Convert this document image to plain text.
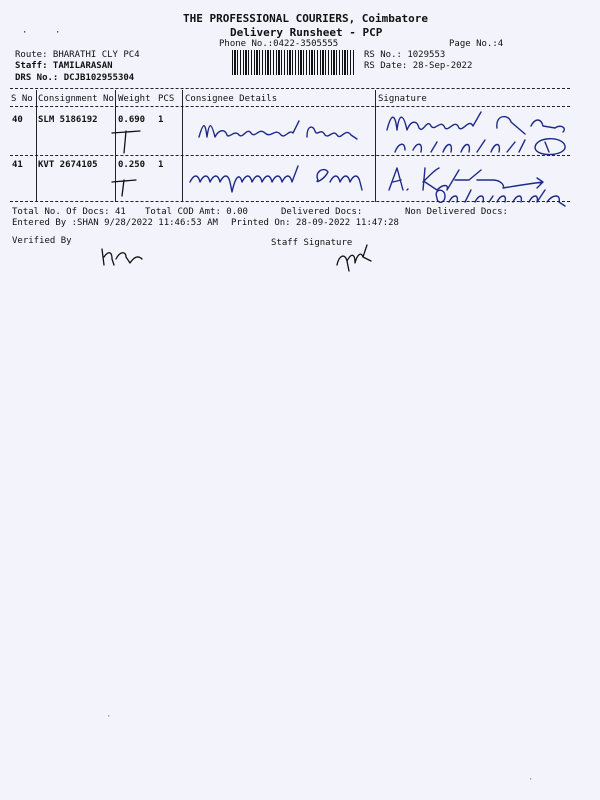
THE PROFESSIONAL COURIERS, Coimbatore
Delivery Runsheet - PCP
Phone No.:0422-3505555	Page No.:4
·	·
Route: BHARATHI CLY PC4
Staff: TAMILARASAN
DRS No.: DCJB102955304
RS No.: 1029553
RS Date: 28-Sep-2022
S No Consignment No Weight PCS Consignee Details	Signature
40 SLM 5186192 0.690 1
41 KVT 2674105 0.250 1
Total No. Of Docs: 41 Total COD Amt: 0.00	Delivered Docs:	Non Delivered Docs:
Entered By :SHAN 9/28/2022 11:46:53 AM Printed On: 28-09-2022 11:47:28
Verified By	Staff Signature
·
·
